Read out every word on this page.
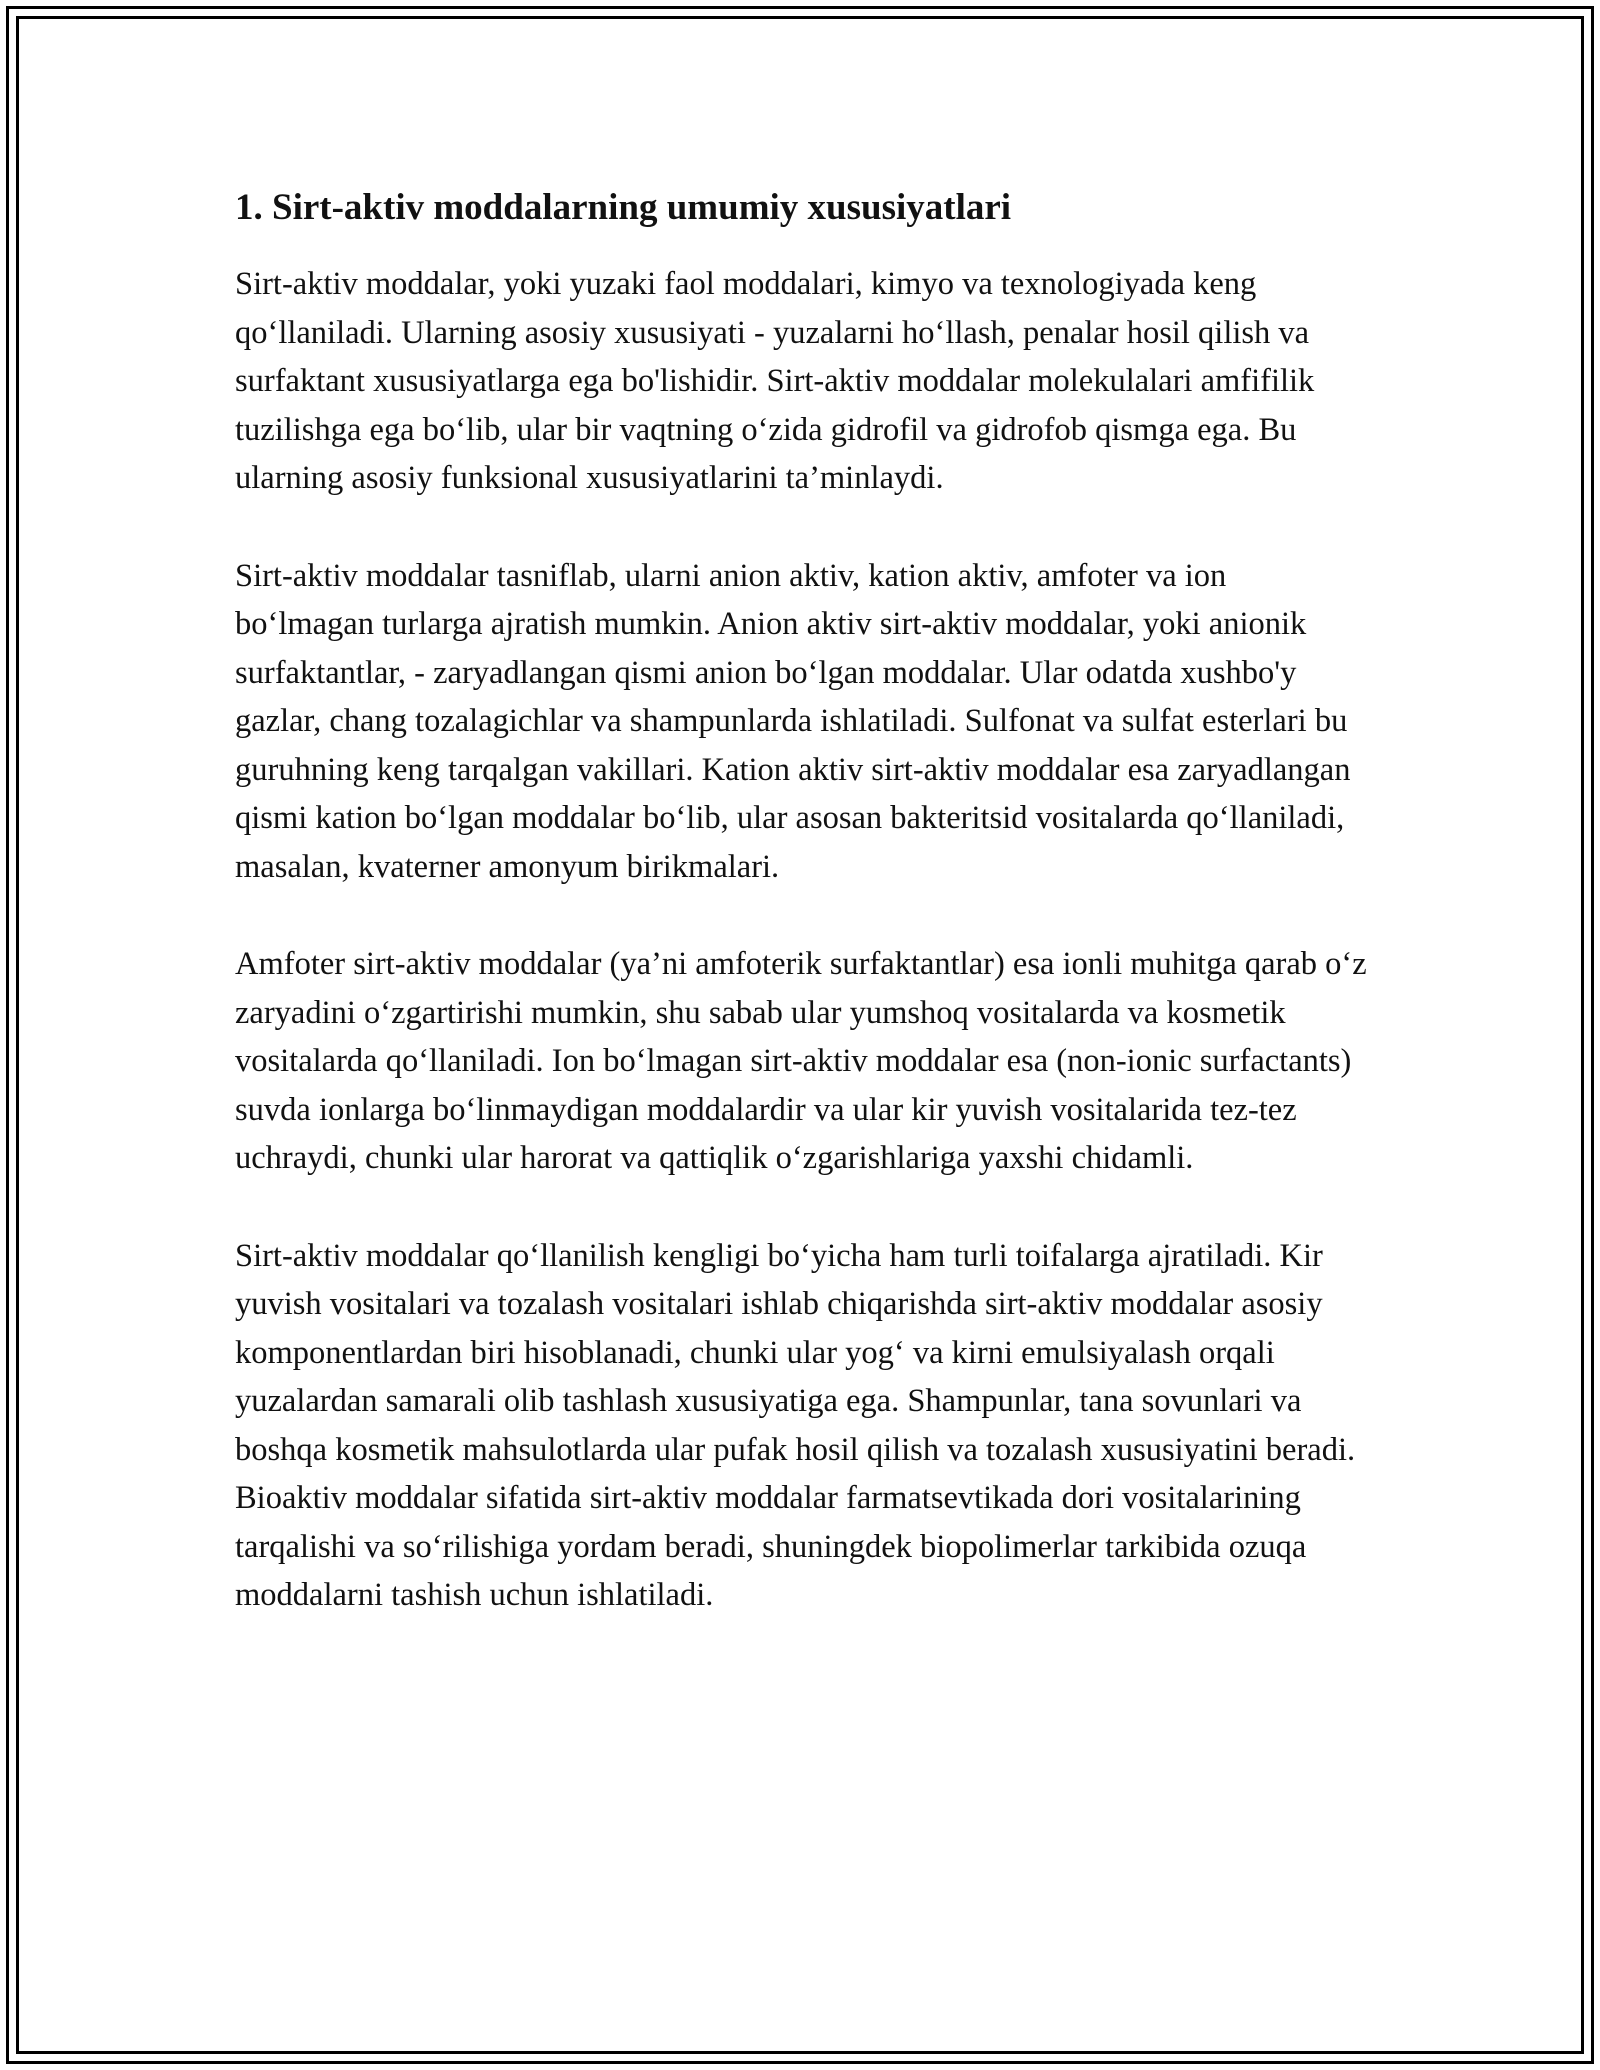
1. Sirt-aktiv moddalarning umumiy xususiyatlari

Sirt-aktiv moddalar, yoki yuzaki faol moddalari, kimyo va texnologiyada keng qo‘llaniladi. Ularning asosiy xususiyati - yuzalarni ho‘llash, penalar hosil qilish va surfaktant xususiyatlarga ega bo'lishidir. Sirt-aktiv moddalar molekulalari amfifilik tuzilishga ega bo‘lib, ular bir vaqtning o‘zida gidrofil va gidrofob qismga ega. Bu ularning asosiy funksional xususiyatlarini ta’minlaydi.

Sirt-aktiv moddalar tasniflab, ularni anion aktiv, kation aktiv, amfoter va ion bo‘lmagan turlarga ajratish mumkin. Anion aktiv sirt-aktiv moddalar, yoki anionik surfaktantlar, - zaryadlangan qismi anion bo‘lgan moddalar. Ular odatda xushbo'y gazlar, chang tozalagichlar va shampunlarda ishlatiladi. Sulfonat va sulfat esterlari bu guruhning keng tarqalgan vakillari. Kation aktiv sirt-aktiv moddalar esa zaryadlangan qismi kation bo‘lgan moddalar bo‘lib, ular asosan bakteritsid vositalarda qo‘llaniladi, masalan, kvaterner amonyum birikmalari.

Amfoter sirt-aktiv moddalar (ya’ni amfoterik surfaktantlar) esa ionli muhitga qarab o‘z zaryadini o‘zgartirishi mumkin, shu sabab ular yumshoq vositalarda va kosmetik vositalarda qo‘llaniladi. Ion bo‘lmagan sirt-aktiv moddalar esa (non-ionic surfactants) suvda ionlarga bo‘linmaydigan moddalardir va ular kir yuvish vositalarida tez-tez uchraydi, chunki ular harorat va qattiqlik o‘zgarishlariga yaxshi chidamli.

Sirt-aktiv moddalar qo‘llanilish kengligi bo‘yicha ham turli toifalarga ajratiladi. Kir yuvish vositalari va tozalash vositalari ishlab chiqarishda sirt-aktiv moddalar asosiy komponentlardan biri hisoblanadi, chunki ular yog‘ va kirni emulsiyalash orqali yuzalardan samarali olib tashlash xususiyatiga ega. Shampunlar, tana sovunlari va boshqa kosmetik mahsulotlarda ular pufak hosil qilish va tozalash xususiyatini beradi. Bioaktiv moddalar sifatida sirt-aktiv moddalar farmatsevtikada dori vositalarining tarqalishi va so‘rilishiga yordam beradi, shuningdek biopolimerlar tarkibida ozuqa moddalarni tashish uchun ishlatiladi.
